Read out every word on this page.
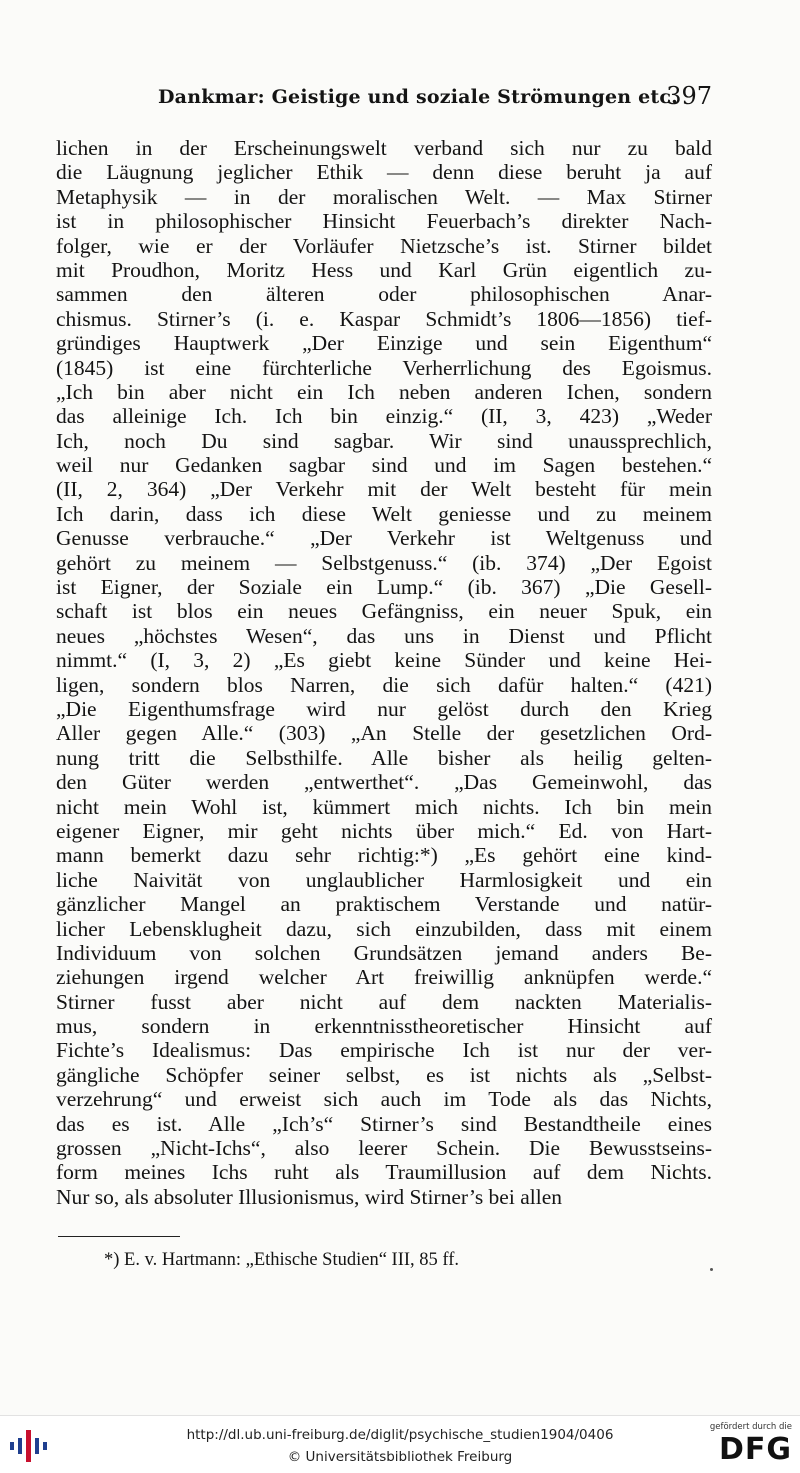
Dankmar: Geistige und soziale Strömungen etc.
397
lichen in der Erscheinungswelt verband sich nur zu bald
die Läugnung jeglicher Ethik — denn diese beruht ja auf
Metaphysik — in der moralischen Welt. — Max Stirner
ist in philosophischer Hinsicht Feuerbach’s direkter Nach-
folger, wie er der Vorläufer Nietzsche’s ist. Stirner bildet
mit Proudhon, Moritz Hess und Karl Grün eigentlich zu-
sammen den älteren oder philosophischen Anar-
chismus. Stirner’s (i. e. Kaspar Schmidt’s 1806—1856) tief-
gründiges Hauptwerk „Der Einzige und sein Eigenthum“
(1845) ist eine fürchterliche Verherrlichung des Egoismus.
„Ich bin aber nicht ein Ich neben anderen Ichen, sondern
das alleinige Ich. Ich bin einzig.“ (II, 3, 423) „Weder
Ich, noch Du sind sagbar. Wir sind unaussprechlich,
weil nur Gedanken sagbar sind und im Sagen bestehen.“
(II, 2, 364) „Der Verkehr mit der Welt besteht für mein
Ich darin, dass ich diese Welt geniesse und zu meinem
Genusse verbrauche.“ „Der Verkehr ist Weltgenuss und
gehört zu meinem — Selbstgenuss.“ (ib. 374) „Der Egoist
ist Eigner, der Soziale ein Lump.“ (ib. 367) „Die Gesell-
schaft ist blos ein neues Gefängniss, ein neuer Spuk, ein
neues „höchstes Wesen“, das uns in Dienst und Pflicht
nimmt.“ (I, 3, 2) „Es giebt keine Sünder und keine Hei-
ligen, sondern blos Narren, die sich dafür halten.“ (421)
„Die Eigenthumsfrage wird nur gelöst durch den Krieg
Aller gegen Alle.“ (303) „An Stelle der gesetzlichen Ord-
nung tritt die Selbsthilfe. Alle bisher als heilig gelten-
den Güter werden „entwerthet“. „Das Gemeinwohl, das
nicht mein Wohl ist, kümmert mich nichts. Ich bin mein
eigener Eigner, mir geht nichts über mich.“ Ed. von Hart-
mann bemerkt dazu sehr richtig:*) „Es gehört eine kind-
liche Naivität von unglaublicher Harmlosigkeit und ein
gänzlicher Mangel an praktischem Verstande und natür-
licher Lebensklugheit dazu, sich einzubilden, dass mit einem
Individuum von solchen Grundsätzen jemand anders Be-
ziehungen irgend welcher Art freiwillig anknüpfen werde.“
Stirner fusst aber nicht auf dem nackten Materialis-
mus, sondern in erkenntnisstheoretischer Hinsicht auf
Fichte’s Idealismus: Das empirische Ich ist nur der ver-
gängliche Schöpfer seiner selbst, es ist nichts als „Selbst-
verzehrung“ und erweist sich auch im Tode als das Nichts,
das es ist. Alle „Ich’s“ Stirner’s sind Bestandtheile eines
grossen „Nicht-Ichs“, also leerer Schein. Die Bewusstseins-
form meines Ichs ruht als Traumillusion auf dem Nichts.
Nur so, als absoluter Illusionismus, wird Stirner’s bei allen
*) E. v. Hartmann: „Ethische Studien“ III, 85 ff.
http://dl.ub.uni-freiburg.de/diglit/psychische_studien1904/0406
© Universitätsbibliothek Freiburg
gefördert durch die
DFG
